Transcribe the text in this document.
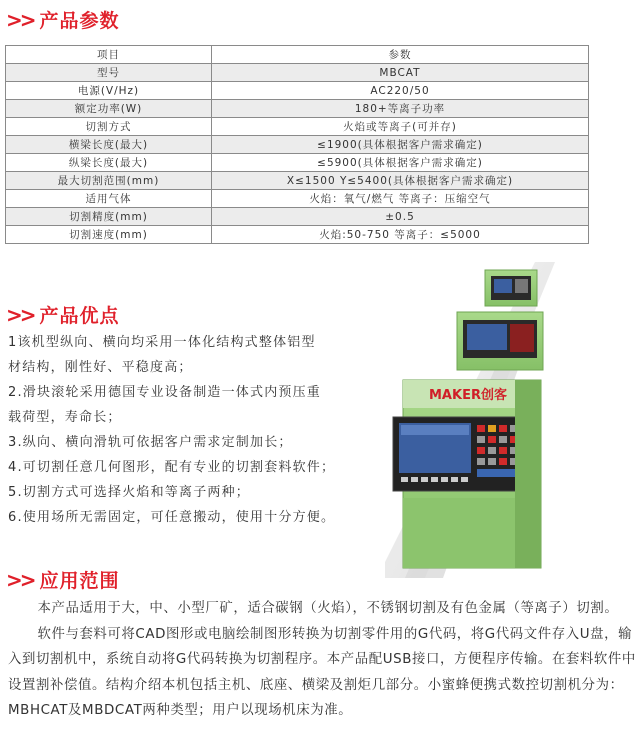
>> 产品参数
项目	参数
型号	MBCAT
电源(V/Hz)	AC220/50
额定功率(W)	180+等离子功率
切割方式	火焰或等离子(可并存)
横梁长度(最大)	≤1900(具体根据客户需求确定)
纵梁长度(最大)	≤5900(具体根据客户需求确定)
最大切割范围(mm)	X≤1500 Y≤5400(具体根据客户需求确定)
适用气体	火焰：氧气/燃气 等离子：压缩空气
切割精度(mm)	±0.5
切割速度(mm)	火焰:50-750 等离子：≤5000
>> 产品优点
1该机型纵向、横向均采用一体化结构式整体铝型
材结构，刚性好、平稳度高；
2.滑块滚轮采用德国专业设备制造一体式内预压重
载荷型，寿命长；
3.纵向、横向滑轨可依据客户需求定制加长；
4.可切割任意几何图形，配有专业的切割套料软件；
5.切割方式可选择火焰和等离子两种；
6.使用场所无需固定，可任意搬动，使用十分方便。
MAKER创客
>> 应用范围

本产品适用于大，中、小型厂矿，适合碳钢（火焰），不锈钢切割及有色金属（等离子）切割。

软件与套料可将CAD图形或电脑绘制图形转换为切割零件用的G代码，将G代码文件存入U盘，输入到切割机中，系统自动将G代码转换为切割程序。本产品配USB接口，方便程序传输。在套料软件中设置割补偿值。结构介绍本机包括主机、底座、横梁及割炬几部分。小蜜蜂便携式数控切割机分为：MBHCAT及MBDCAT两种类型；用户以现场机床为准。
